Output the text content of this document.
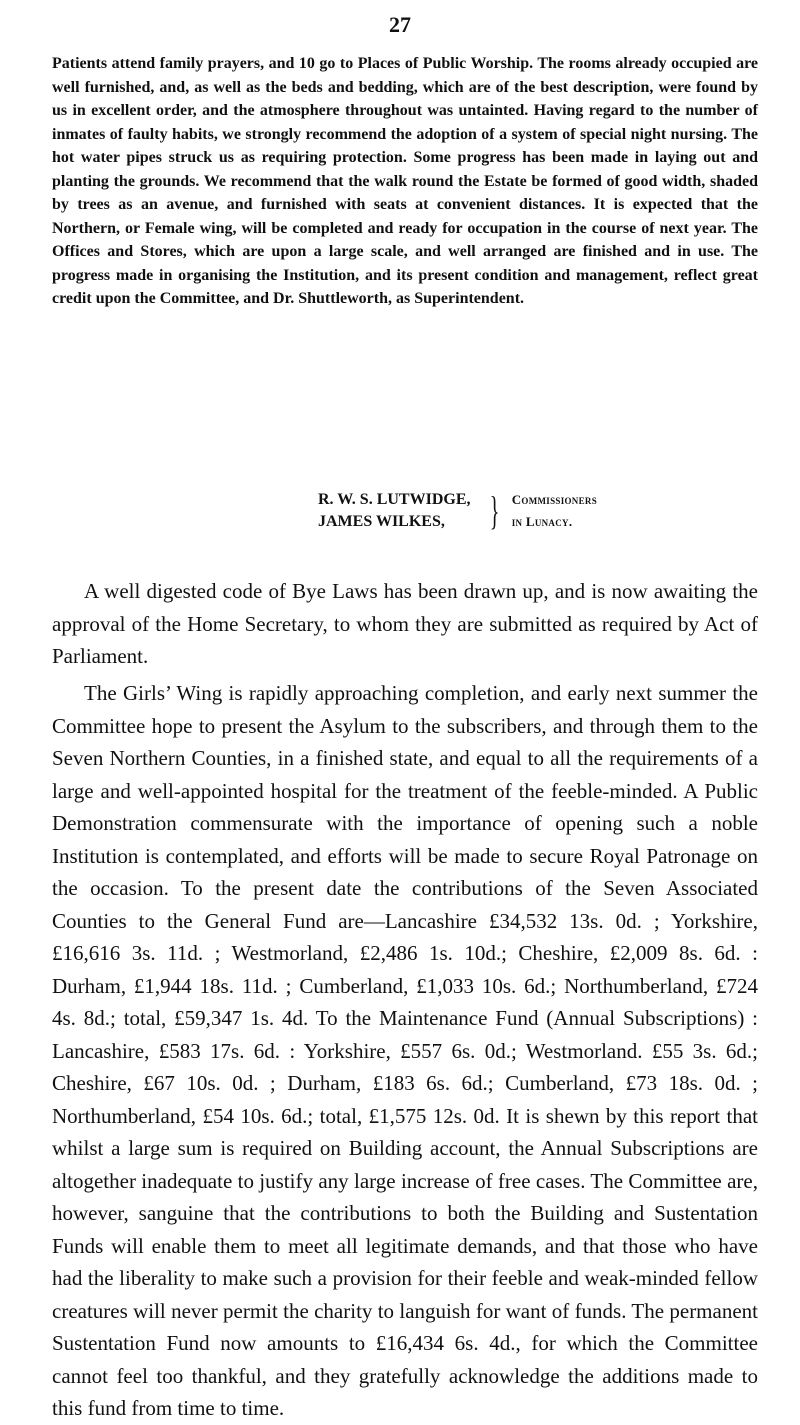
27
Patients attend family prayers, and 10 go to Places of Public Worship. The rooms already occupied are well furnished, and, as well as the beds and bedding, which are of the best description, were found by us in excellent order, and the atmosphere throughout was untainted. Having regard to the number of inmates of faulty habits, we strongly recommend the adoption of a system of special night nursing. The hot water pipes struck us as requiring protection. Some progress has been made in laying out and planting the grounds. We recommend that the walk round the Estate be formed of good width, shaded by trees as an avenue, and furnished with seats at convenient distances. It is expected that the Northern, or Female wing, will be completed and ready for occupation in the course of next year. The Offices and Stores, which are upon a large scale, and well arranged are finished and in use. The progress made in organising the Institution, and its present condition and management, reflect great credit upon the Committee, and Dr. Shuttleworth, as Superintendent.
R. W. S. LUTWIDGE,
JAMES WILKES,	} Commissioners
in Lunacy.
A well digested code of Bye Laws has been drawn up, and is now awaiting the approval of the Home Secretary, to whom they are submitted as required by Act of Parliament.
The Girls’ Wing is rapidly approaching completion, and early next summer the Committee hope to present the Asylum to the subscribers, and through them to the Seven Northern Counties, in a finished state, and equal to all the requirements of a large and well-appointed hospital for the treatment of the feeble-minded. A Public Demonstration commensurate with the importance of opening such a noble Institution is contemplated, and efforts will be made to secure Royal Patronage on the occasion. To the present date the contributions of the Seven Associated Counties to the General Fund are—Lancashire £34,532 13s. 0d. ; Yorkshire, £16,616 3s. 11d. ; Westmorland, £2,486 1s. 10d.; Cheshire, £2,009 8s. 6d. : Durham, £1,944 18s. 11d. ; Cumberland, £1,033 10s. 6d.; Northumberland, £724 4s. 8d.; total, £59,347 1s. 4d. To the Maintenance Fund (Annual Subscriptions) : Lancashire, £583 17s. 6d. : Yorkshire, £557 6s. 0d.; Westmorland. £55 3s. 6d.; Cheshire, £67 10s. 0d. ; Durham, £183 6s. 6d.; Cumberland, £73 18s. 0d. ; Northumberland, £54 10s. 6d.; total, £1,575 12s. 0d. It is shewn by this report that whilst a large sum is required on Building account, the Annual Subscriptions are altogether inadequate to justify any large increase of free cases. The Committee are, however, sanguine that the contributions to both the Building and Sustentation Funds will enable them to meet all legitimate demands, and that those who have had the liberality to make such a provision for their feeble and weak-minded fellow creatures will never permit the charity to languish for want of funds. The permanent Sustentation Fund now amounts to £16,434 6s. 4d., for which the Committee cannot feel too thankful, and they gratefully acknowledge the additions made to this fund from time to time.
